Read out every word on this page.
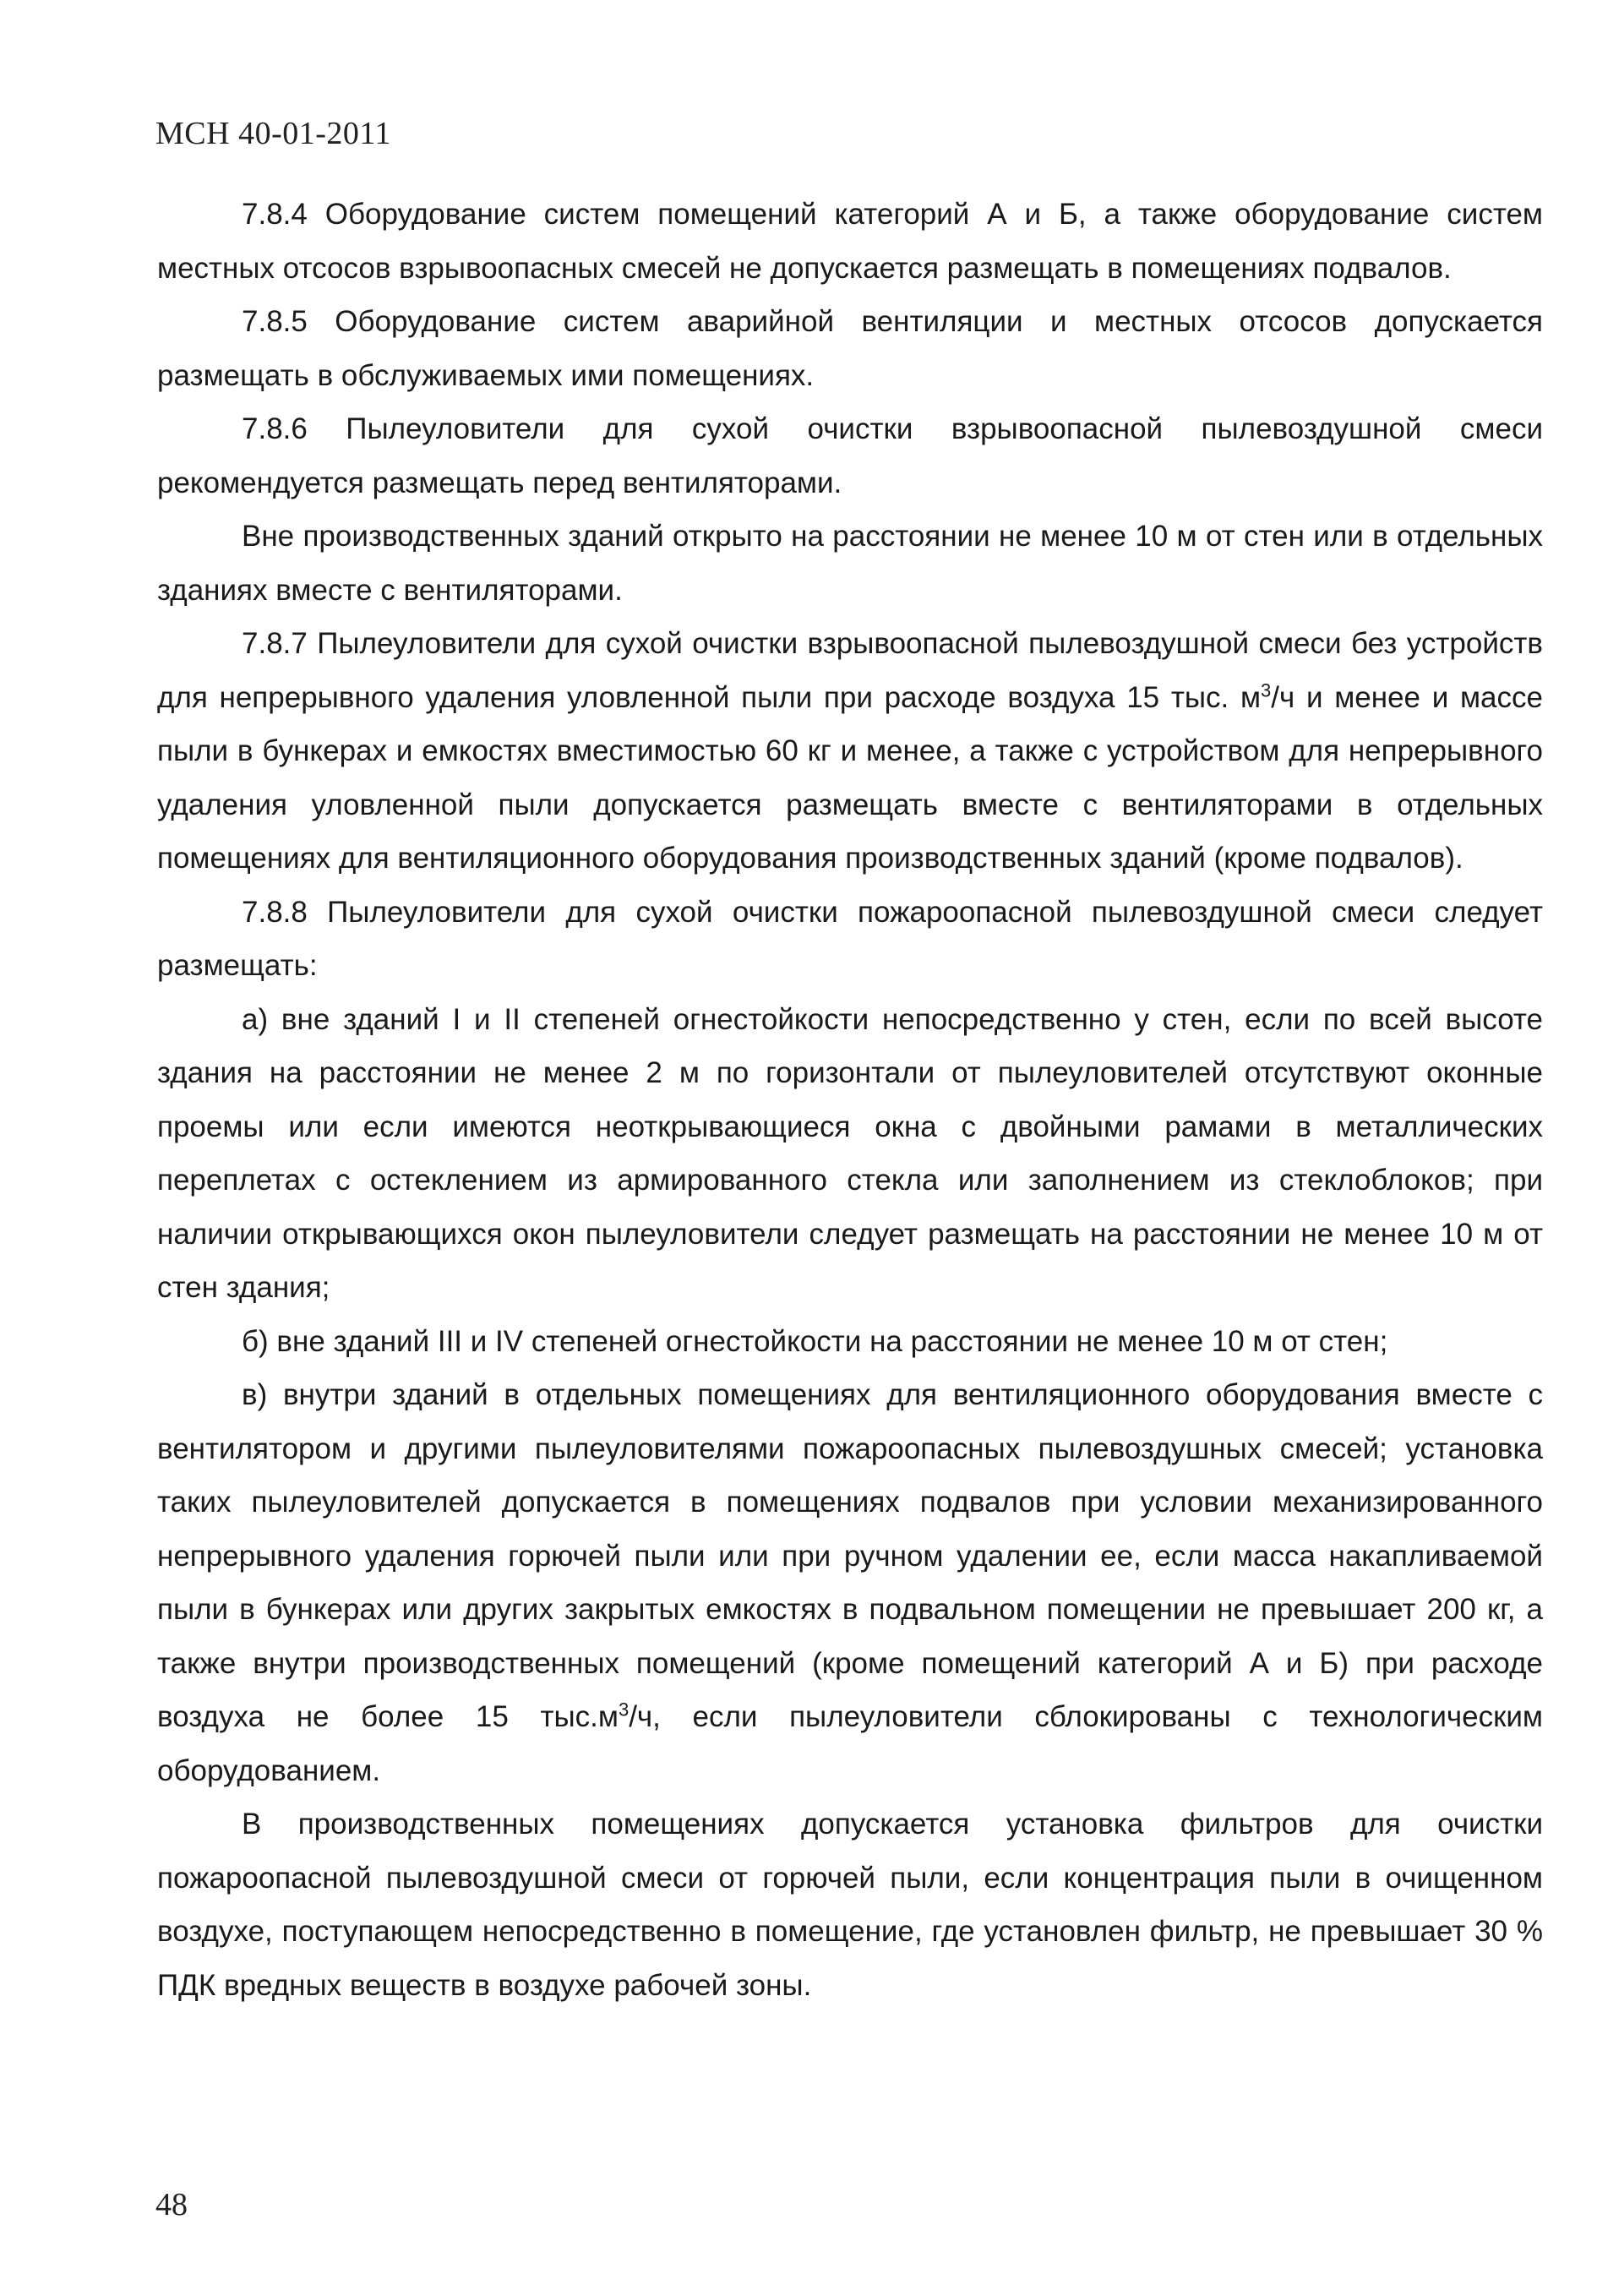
МСН 40-01-2011

7.8.4 Оборудование систем помещений категорий А и Б, а также оборудование систем местных отсосов взрывоопасных смесей не допускается размещать в помещениях подвалов.

7.8.5 Оборудование систем аварийной вентиляции и местных отсосов допускается размещать в обслуживаемых ими помещениях.

7.8.6 Пылеуловители для сухой очистки взрывоопасной пылевоздушной смеси рекомендуется размещать перед вентиляторами.

Вне производственных зданий открыто на расстоянии не менее 10 м от стен или в отдельных зданиях вместе с вентиляторами.

7.8.7 Пылеуловители для сухой очистки взрывоопасной пылевоздушной смеси без устройств для непрерывного удаления уловленной пыли при расходе воздуха 15 тыс. $м^3/ч$ и менее и массе пыли в бункерах и емкостях вместимостью 60 кг и менее, а также с устройством для непрерывного удаления уловленной пыли допускается размещать вместе с вентиляторами в отдельных помещениях для вентиляционного оборудования производственных зданий (кроме подвалов).

7.8.8 Пылеуловители для сухой очистки пожароопасной пылевоздушной смеси следует размещать:

а) вне зданий I и II степеней огнестойкости непосредственно у стен, если по всей высоте здания на расстоянии не менее 2 м по горизонтали от пылеуловителей отсутствуют оконные проемы или если имеются неоткрывающиеся окна с двойными рамами в металлических переплетах с остеклением из армированного стекла или заполнением из стеклоблоков; при наличии открывающихся окон пылеуловители следует размещать на расстоянии не менее 10 м от стен здания;

б) вне зданий III и IV степеней огнестойкости на расстоянии не менее 10 м от стен;

в) внутри зданий в отдельных помещениях для вентиляционного оборудования вместе с вентилятором и другими пылеуловителями пожароопасных пылевоздушных смесей; установка таких пылеуловителей допускается в помещениях подвалов при условии механизированного непрерывного удаления горючей пыли или при ручном удалении ее, если масса накапливаемой пыли в бункерах или других закрытых емкостях в подвальном помещении не превышает 200 кг, а также внутри производственных помещений (кроме помещений категорий А и Б) при расходе воздуха не более 15 $тыс.м^3/ч$, если пылеуловители сблокированы с технологическим оборудованием.

В производственных помещениях допускается установка фильтров для очистки пожароопасной пылевоздушной смеси от горючей пыли, если концентрация пыли в очищенном воздухе, поступающем непосредственно в помещение, где установлен фильтр, не превышает 30 % ПДК вредных веществ в воздухе рабочей зоны.

48
